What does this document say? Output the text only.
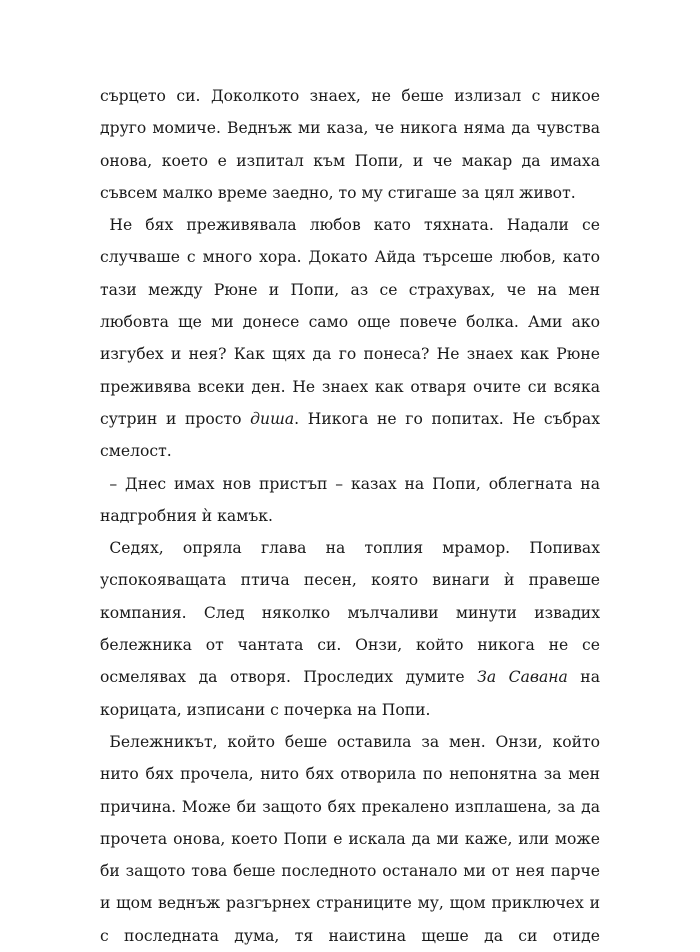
сърцето си. Доколкото знаех, не беше излизал с никое друго момиче. Веднъж ми каза, че никога няма да чувства онова, което е изпитал към Попи, и че макар да имаха съвсем малко време заедно, то му стигаше за цял живот.

Не бях преживявала любов като тяхната. Надали се случваше с много хора. Докато Айда търсеше любов, като тази между Рюне и Попи, аз се страхувах, че на мен любовта ще ми донесе само още повече болка. Ами ако изгубех и нея? Как щях да го понеса? Не знаех как Рюне преживява всеки ден. Не знаех как отваря очите си всяка сутрин и просто диша. Никога не го попитах. Не събрах смелост.

– Днес имах нов пристъп – казах на Попи, облегната на надгробния ѝ камък.

Седях, опряла глава на топлия мрамор. Попивах успокояващата птича песен, която винаги ѝ правеше компания. След няколко мълчаливи минути извадих бележника от чантата си. Онзи, който никога не се осмелявах да отворя. Проследих думите За Савана на корицата, изписани с почерка на Попи.

Бележникът, който беше оставила за мен. Онзи, който нито бях прочела, нито бях отворила по непонятна за мен причина. Може би защото бях прекалено изплашена, за да прочета онова, което Попи е искала да ми каже, или може би защото това беше последното останало ми от нея парче и щом веднъж разгърнех страниците му, щом приключех и с последната дума, тя наистина щеше да си отиде
